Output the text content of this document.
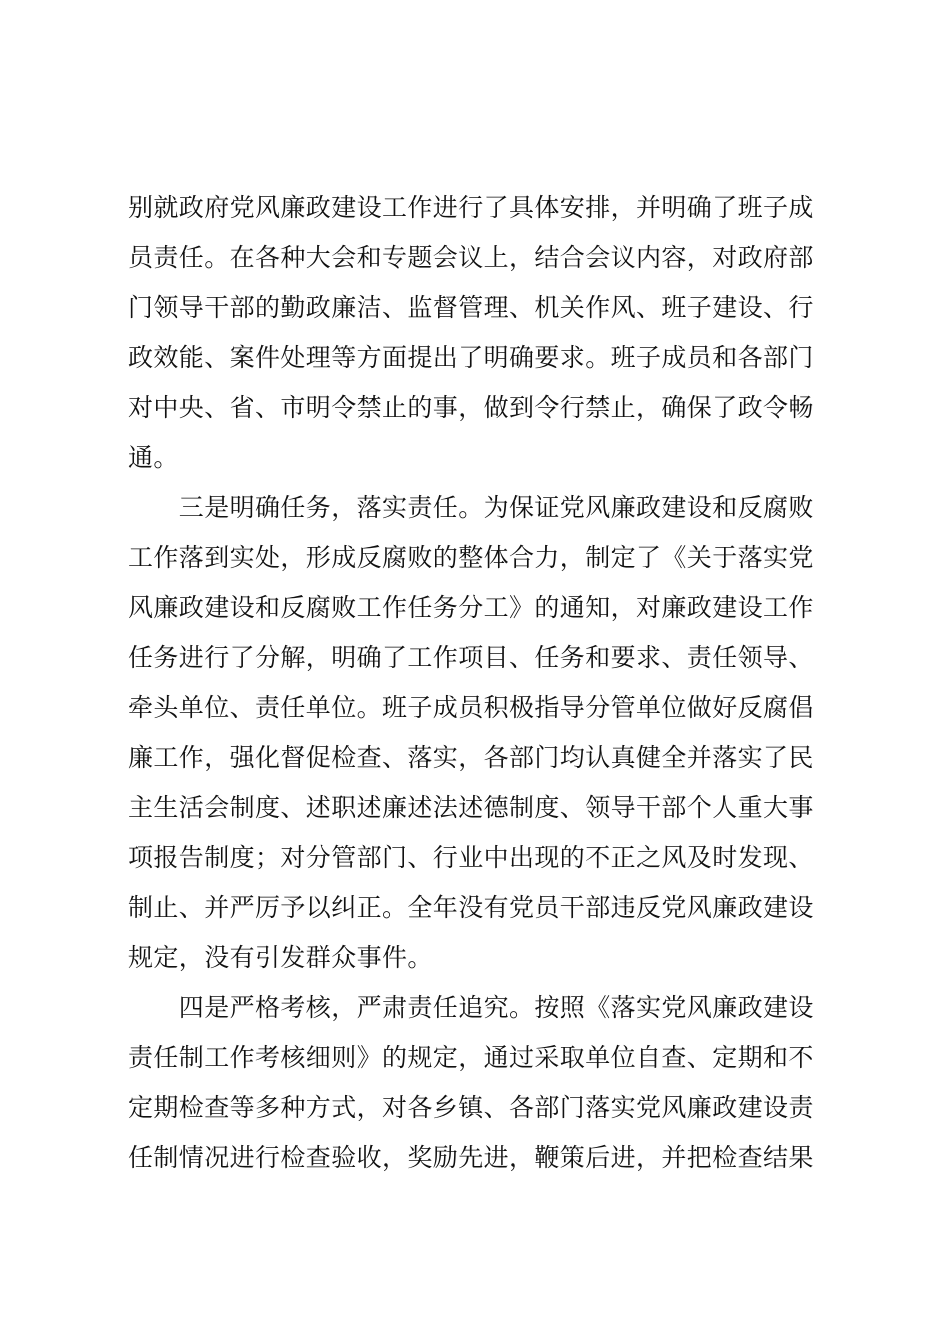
别就政府党风廉政建设工作进行了具体安排，并明确了班子成
员责任。在各种大会和专题会议上，结合会议内容，对政府部
门领导干部的勤政廉洁、监督管理、机关作风、班子建设、行
政效能、案件处理等方面提出了明确要求。班子成员和各部门
对中央、省、市明令禁止的事，做到令行禁止，确保了政令畅
通。

　　三是明确任务，落实责任。为保证党风廉政建设和反腐败
工作落到实处，形成反腐败的整体合力，制定了《关于落实党
风廉政建设和反腐败工作任务分工》的通知，对廉政建设工作
任务进行了分解，明确了工作项目、任务和要求、责任领导、
牵头单位、责任单位。班子成员积极指导分管单位做好反腐倡
廉工作，强化督促检查、落实，各部门均认真健全并落实了民
主生活会制度、述职述廉述法述德制度、领导干部个人重大事
项报告制度；对分管部门、行业中出现的不正之风及时发现、
制止、并严厉予以纠正。全年没有党员干部违反党风廉政建设
规定，没有引发群众事件。

　　四是严格考核，严肃责任追究。按照《落实党风廉政建设
责任制工作考核细则》的规定，通过采取单位自查、定期和不
定期检查等多种方式，对各乡镇、各部门落实党风廉政建设责
任制情况进行检查验收，奖励先进，鞭策后进，并把检查结果
